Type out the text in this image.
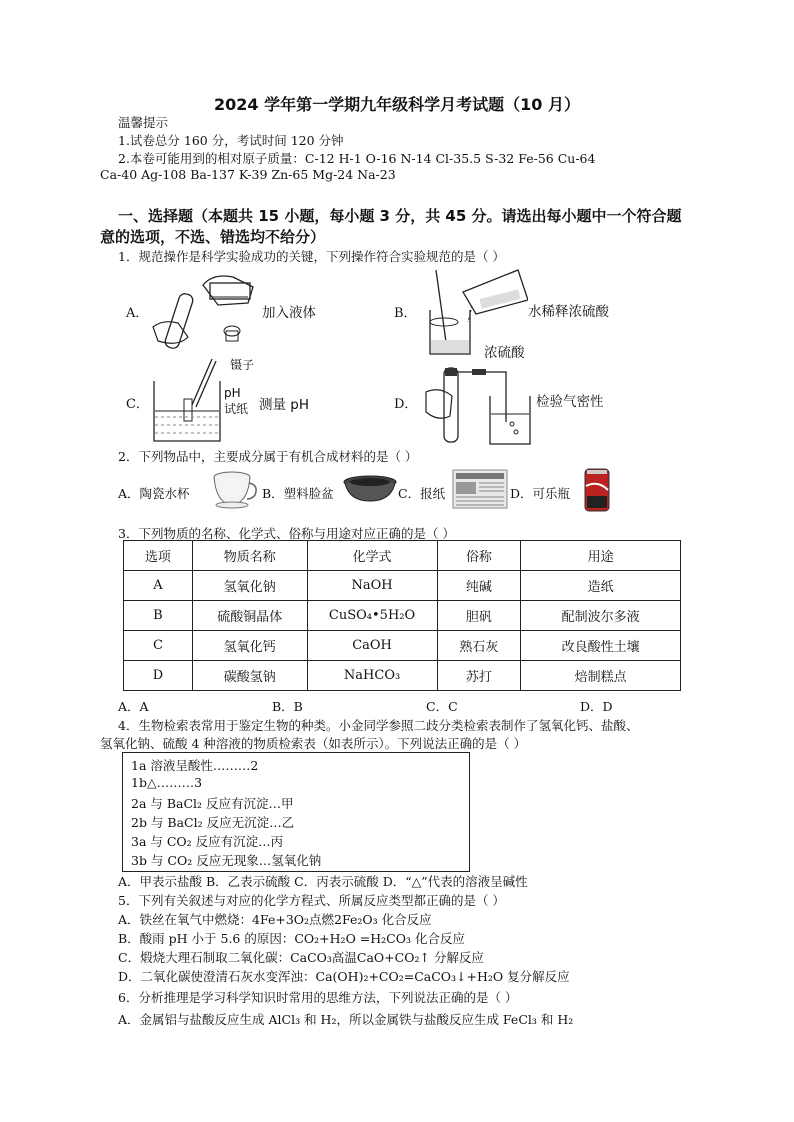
2024 学年第一学期九年级科学月考试题（10 月）
温馨提示
1.试卷总分 160 分，考试时间 120 分钟
2.本卷可能用到的相对原子质量：C-12 H-1 O-16 N-14 Cl-35.5 S-32 Fe-56 Cu-64
Ca-40 Ag-108 Ba-137 K-39 Zn-65 Mg-24 Na-23
一、选择题（本题共 15 小题，每小题 3 分，共 45 分。请选出每小题中一个符合题
意的选项，不选、错选均不给分）
1．规范操作是科学实验成功的关键，下列操作符合实验规范的是（ ）
A．	加入液体	B．	水稀释浓硫酸
浓硫酸
C．
镊子
pH
试纸 测量 pH	D．	检验气密性
2．下列物品中，主要成分属于有机合成材料的是（ ）
A．陶瓷水杯	B．塑料脸盆	C．报纸	D．可乐瓶
3．下列物质的名称、化学式、俗称与用途对应正确的是（ ）
选项	物质名称	化学式	俗称	用途
A	氢氧化钠	NaOH	纯碱	造纸
B	硫酸铜晶体	CuSO₄•5H₂O	胆矾	配制波尔多液
C	氢氧化钙	CaOH	熟石灰	改良酸性土壤
D	碳酸氢钠	NaHCO₃	苏打	焙制糕点
A．A	B．B	C．C	D．D
4．生物检索表常用于鉴定生物的种类。小金同学参照二歧分类检索表制作了氢氧化钙、盐酸、
氢氧化钠、硫酸 4 种溶液的物质检索表（如表所示）。下列说法正确的是（ ）
1a 溶液呈酸性………2
1b△………3
2a 与 BaCl₂ 反应有沉淀…甲
2b 与 BaCl₂ 反应无沉淀…乙
3a 与 CO₂ 反应有沉淀…丙
3b 与 CO₂ 反应无现象…氢氧化钠
A．甲表示盐酸 B．乙表示硫酸 C．丙表示硫酸 D．“△”代表的溶液呈碱性
5．下列有关叙述与对应的化学方程式、所属反应类型都正确的是（ ）
A．铁丝在氧气中燃烧：4Fe+3O₂点燃2Fe₂O₃ 化合反应
B．酸雨 pH 小于 5.6 的原因：CO₂+H₂O =H₂CO₃ 化合反应
C．煅烧大理石制取二氧化碳：CaCO₃高温CaO+CO₂↑ 分解反应
D．二氧化碳使澄清石灰水变浑浊：Ca(OH)₂+CO₂=CaCO₃↓+H₂O 复分解反应
6．分析推理是学习科学知识时常用的思维方法，下列说法正确的是（ ）
A．金属铝与盐酸反应生成 AlCl₃ 和 H₂，所以金属铁与盐酸反应生成 FeCl₃ 和 H₂
